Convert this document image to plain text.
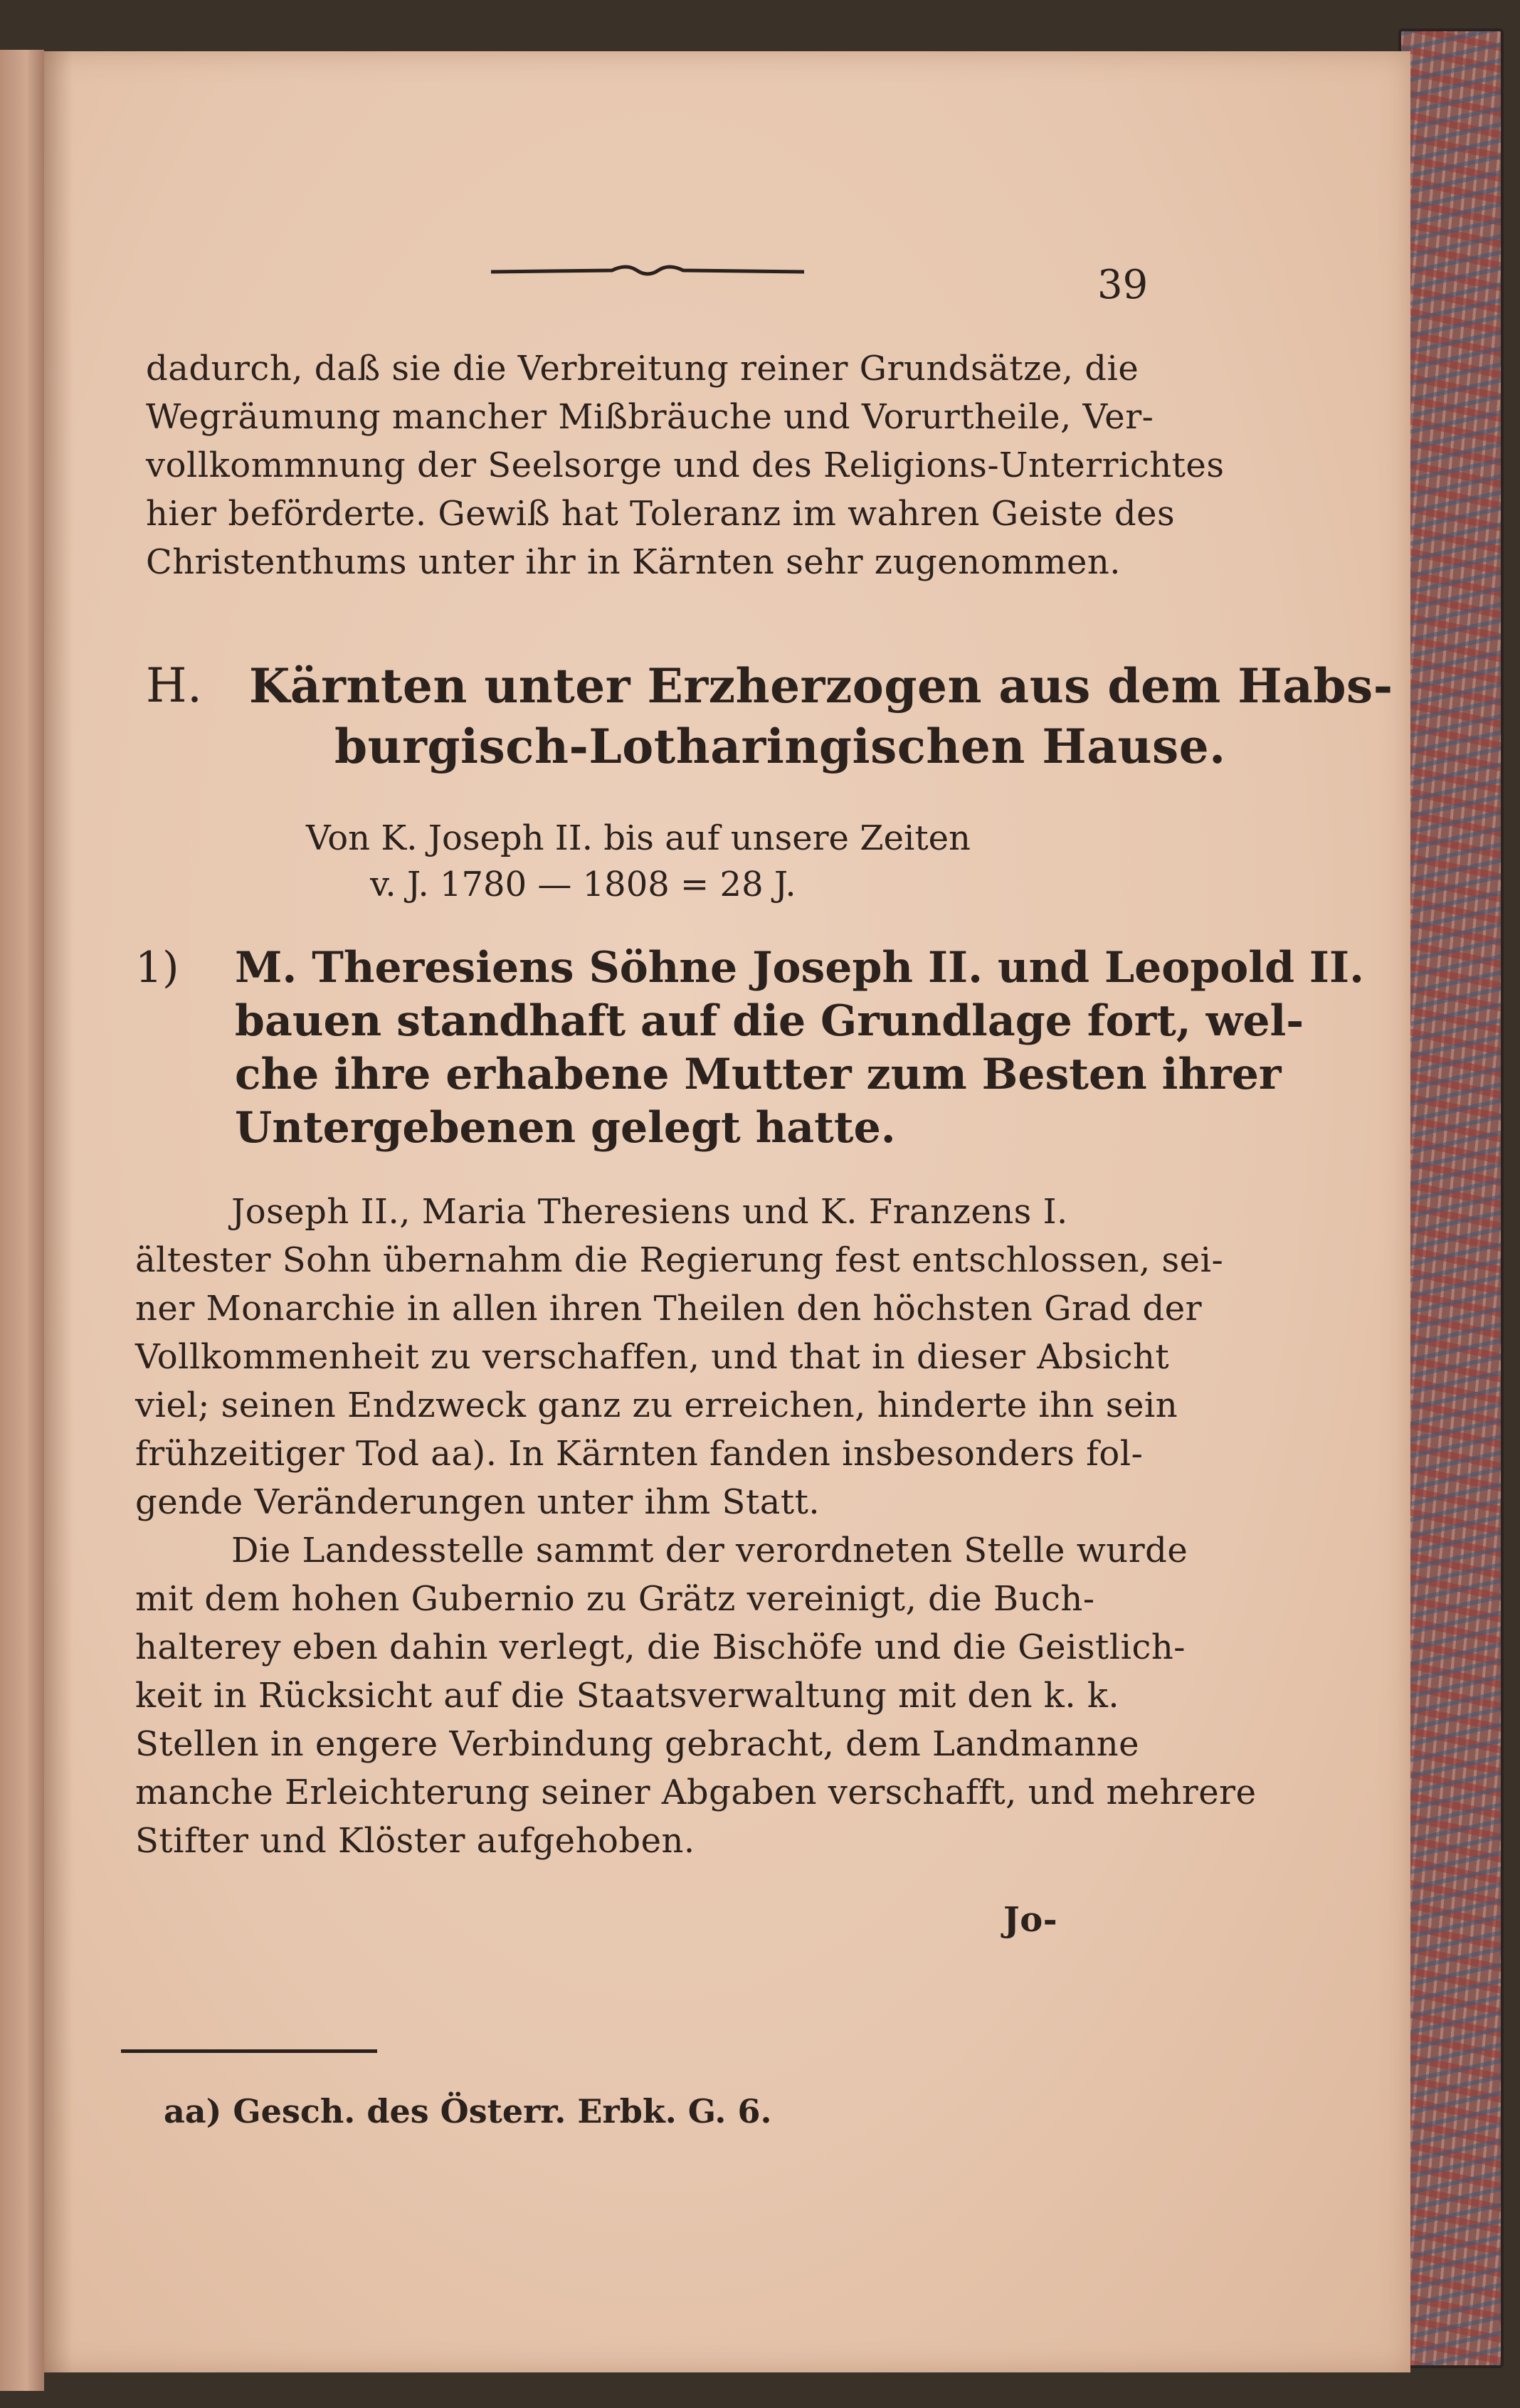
39
dadurch, daß sie die Verbreitung reiner Grundsätze, die
Wegräumung mancher Mißbräuche und Vorurtheile, Ver-
vollkommnung der Seelsorge und des Religions-Unterrichtes
hier beförderte. Gewiß hat Toleranz im wahren Geiste des
Christenthums unter ihr in Kärnten sehr zugenommen.
H. Kärnten unter Erzherzogen aus dem Habs-
burgisch-Lotharingischen Hause.
Von K. Joseph II. bis auf unsere Zeiten
v. J. 1780 — 1808 = 28 J.
1) M. Theresiens Söhne Joseph II. und Leopold II.
bauen standhaft auf die Grundlage fort, wel-
che ihre erhabene Mutter zum Besten ihrer
Untergebenen gelegt hatte.
Joseph II., Maria Theresiens und K. Franzens I.
ältester Sohn übernahm die Regierung fest entschlossen, sei-
ner Monarchie in allen ihren Theilen den höchsten Grad der
Vollkommenheit zu verschaffen, und that in dieser Absicht
viel; seinen Endzweck ganz zu erreichen, hinderte ihn sein
frühzeitiger Tod aa). In Kärnten fanden insbesonders fol-
gende Veränderungen unter ihm Statt.
Die Landesstelle sammt der verordneten Stelle wurde
mit dem hohen Gubernio zu Grätz vereinigt, die Buch-
halterey eben dahin verlegt, die Bischöfe und die Geistlich-
keit in Rücksicht auf die Staatsverwaltung mit den k. k.
Stellen in engere Verbindung gebracht, dem Landmanne
manche Erleichterung seiner Abgaben verschafft, und mehrere
Stifter und Klöster aufgehoben.
Jo-
aa) Gesch. des Österr. Erbk. G. 6.
